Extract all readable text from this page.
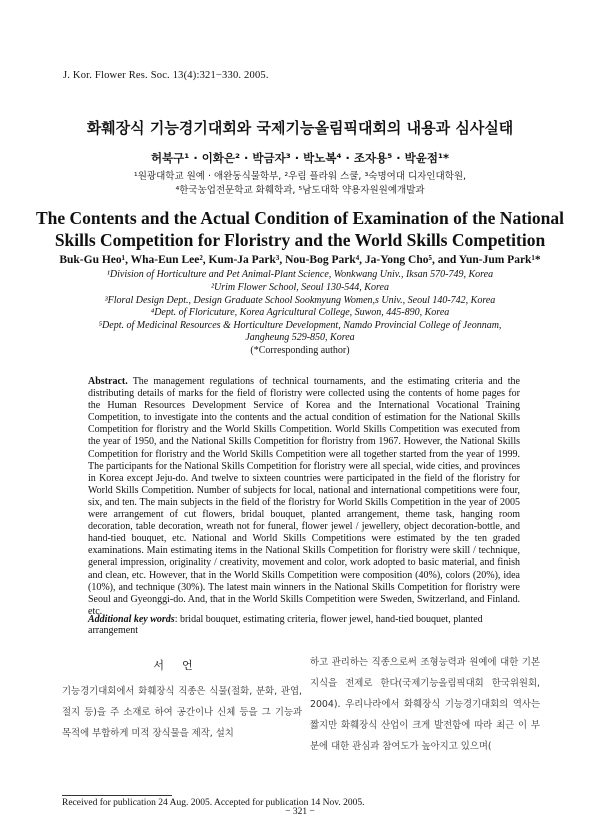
J. Kor. Flower Res. Soc. 13(4):321−330. 2005.
화훼장식 기능경기대회와 국제기능올림픽대회의 내용과 심사실태
허북구¹ · 이화은² · 박금자³ · 박노복⁴ · 조자용⁵ · 박윤점¹*
¹원광대학교 원예 · 애완동식물학부, ²우림 플라워 스쿨, ³숙명여대 디자인대학원,
⁴한국농업전문학교 화훼학과, ⁵남도대학 약용자원원예개발과
The Contents and the Actual Condition of Examination of the National
Skills Competition for Floristry and the World Skills Competition
Buk-Gu Heo¹, Wha-Eun Lee², Kum-Ja Park³, Nou-Bog Park⁴, Ja-Yong Cho⁵, and Yun-Jum Park¹*
¹Division of Horticulture and Pet Animal-Plant Science, Wonkwang Univ., Iksan 570-749, Korea
²Urim Flower School, Seoul 130-544, Korea
³Floral Design Dept., Design Graduate School Sookmyung Women,s Univ., Seoul 140-742, Korea
⁴Dept. of Floricuture, Korea Agricultural College, Suwon, 445-890, Korea
⁵Dept. of Medicinal Resources & Horticulture Development, Namdo Provincial College of Jeonnam,
Jangheung 529-850, Korea
(*Corresponding author)
Abstract. The management regulations of technical tournaments, and the estimating criteria and the distributing details of marks for the field of floristry were collected using the contents of home pages for the Human Resources Development Service of Korea and the International Vocational Training Competition, to investigate into the contents and the actual condition of estimation for the National Skills Competition for floristry and the World Skills Competition. World Skills Competition was executed from the year of 1950, and the National Skills Competition for floristry from 1967. However, the National Skills Competition for floristry and the World Skills Competition were all together started from the year of 1999. The participants for the National Skills Competition for floristry were all special, wide cities, and provinces in Korea except Jeju-do. And twelve to sixteen countries were participated in the field of the floristry for World Skills Competition. Number of subjects for local, national and international competitions were four, six, and ten. The main subjects in the field of the floristry for World Skills Competition in the year of 2005 were arrangement of cut flowers, bridal bouquet, planted arrangement, theme task, hanging room decoration, table decoration, wreath not for funeral, flower jewel / jewellery, object decoration-bottle, and hand-tied bouquet, etc. National and World Skills Competitions were estimated by the ten graded examinations. Main estimating items in the National Skills Competition for floristry were skill / technique, general impression, originality / creativity, movement and color, work adopted to basic material, and finish and clean, etc. However, that in the World Skills Competition were composition (40%), colors (20%), idea (10%), and technique (30%). The latest main winners in the National Skills Competition for floristry were Seoul and Gyeonggi-do. And, that in the World Skills Competition were Sweden, Switzerland, and Finland. etc.
Additional key words: bridal bouquet, estimating criteria, flower jewel, hand-tied bouquet, planted arrangement
서언
기능경기대회에서 화훼장식 직종은 식물(절화, 분화, 관엽, 절지 등)을 주 소재로 하여 공간이나 신체 등을 그 기능과 목적에 부합하게 미적 장식물을 제작, 설치
하고 관리하는 직종으로써 조형능력과 원예에 대한 기본 지식을 전제로 한다(국제기능올림픽대회 한국위원회, 2004). 우리나라에서 화훼장식 기능경기대회의 역사는 짧지만 화훼장식 산업이 크게 발전함에 따라 최근 이 부분에 대한 관심과 참여도가 높아지고 있으며(
Received for publication 24 Aug. 2005. Accepted for publication 14 Nov. 2005.
− 321 −
